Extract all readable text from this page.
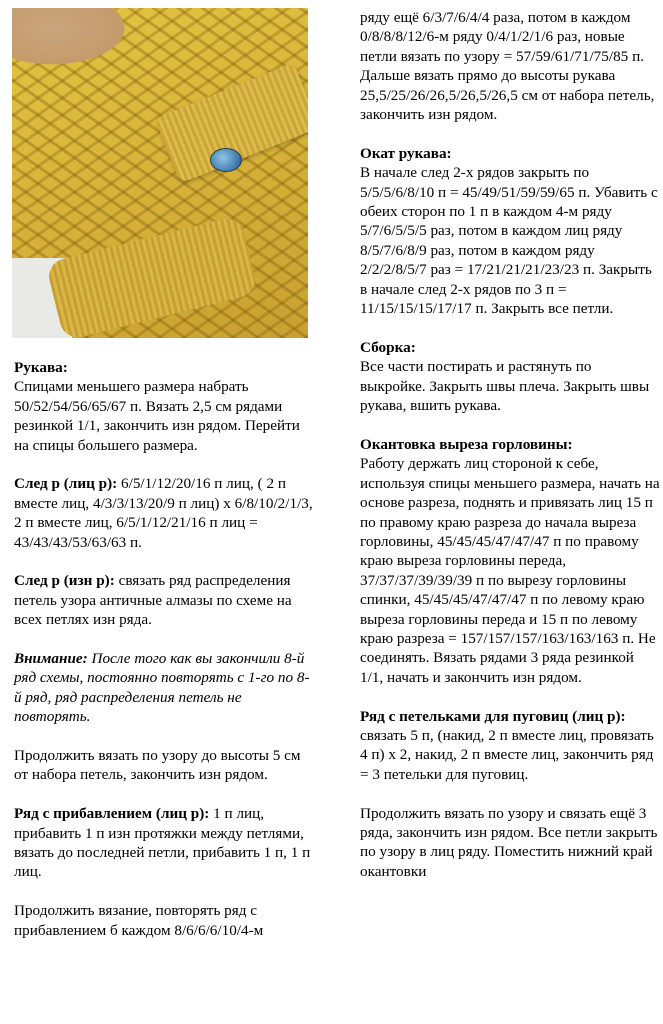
Рукава:
Спицами меньшего размера набрать 50/52/54/56/65/67 п. Вязать 2,5 см рядами резинкой 1/1, закончить изн рядом. Перейти на спицы большего размера.

След р (лиц р): 6/5/1/12/20/16 п лиц, ( 2 п вместе лиц, 4/3/3/13/20/9 п лиц) х 6/8/10/2/1/3, 2 п вместе лиц, 6/5/1/12/21/16 п лиц = 43/43/43/53/63/63 п.

След р (изн р): связать ряд распределения петель узора античные алмазы по схеме на всех петлях изн ряда.

Внимание: После того как вы закончили 8-й ряд схемы, постоянно повторять с 1-го по 8-й ряд, ряд распределения петель не повторять.

Продолжить вязать по узору до высоты 5 см от набора петель, закончить изн рядом.

Ряд с прибавлением (лиц р): 1 п лиц, прибавить 1 п изн протяжки между петлями, вязать до последней петли, прибавить 1 п, 1 п лиц.

Продолжить вязание, повторять ряд с прибавлением б каждом 8/6/6/6/10/4-м

ряду ещё 6/3/7/6/4/4 раза, потом в каждом 0/8/8/8/12/6-м ряду 0/4/1/2/1/6 раз, новые петли вязать по узору = 57/59/61/71/75/85 п. Дальше вязать прямо до высоты рукава 25,5/25/26/26,5/26,5/26,5 см от набора петель, закончить изн рядом.

Окат рукава:
В начале след 2-х рядов закрыть по 5/5/5/6/8/10 п = 45/49/51/59/59/65 п. Убавить с обеих сторон по 1 п в каждом 4-м ряду 5/7/6/5/5/5 раз, потом в каждом лиц ряду 8/5/7/6/8/9 раз, потом в каждом ряду 2/2/2/8/5/7 раз = 17/21/21/21/23/23 п. Закрыть в начале след 2-х рядов по 3 п = 11/15/15/15/17/17 п. Закрыть все петли.

Сборка:
Все части постирать и растянуть по выкройке. Закрыть швы плеча. Закрыть швы рукава, вшить рукава.

Окантовка выреза горловины:
Работу держать лиц стороной к себе, используя спицы меньшего размера, начать на основе разреза, поднять и привязать лиц 15 п по правому краю разреза до начала выреза горловины, 45/45/45/47/47/47 п по правому краю выреза горловины переда, 37/37/37/39/39/39 п по вырезу горловины спинки, 45/45/45/47/47/47 п по левому краю выреза горловины переда и 15 п по левому краю разреза = 157/157/157/163/163/163 п. Не соединять. Вязать рядами 3 ряда резинкой 1/1, начать и закончить изн рядом.

Ряд с петельками для пуговиц (лиц р): связать 5 п, (накид, 2 п вместе лиц, провязать 4 п) х 2, накид, 2 п вместе лиц, закончить ряд = 3 петельки для пуговиц.

Продолжить вязать по узору и связать ещё 3 ряда, закончить изн рядом. Все петли закрыть по узору в лиц ряду. Поместить нижний край окантовки
